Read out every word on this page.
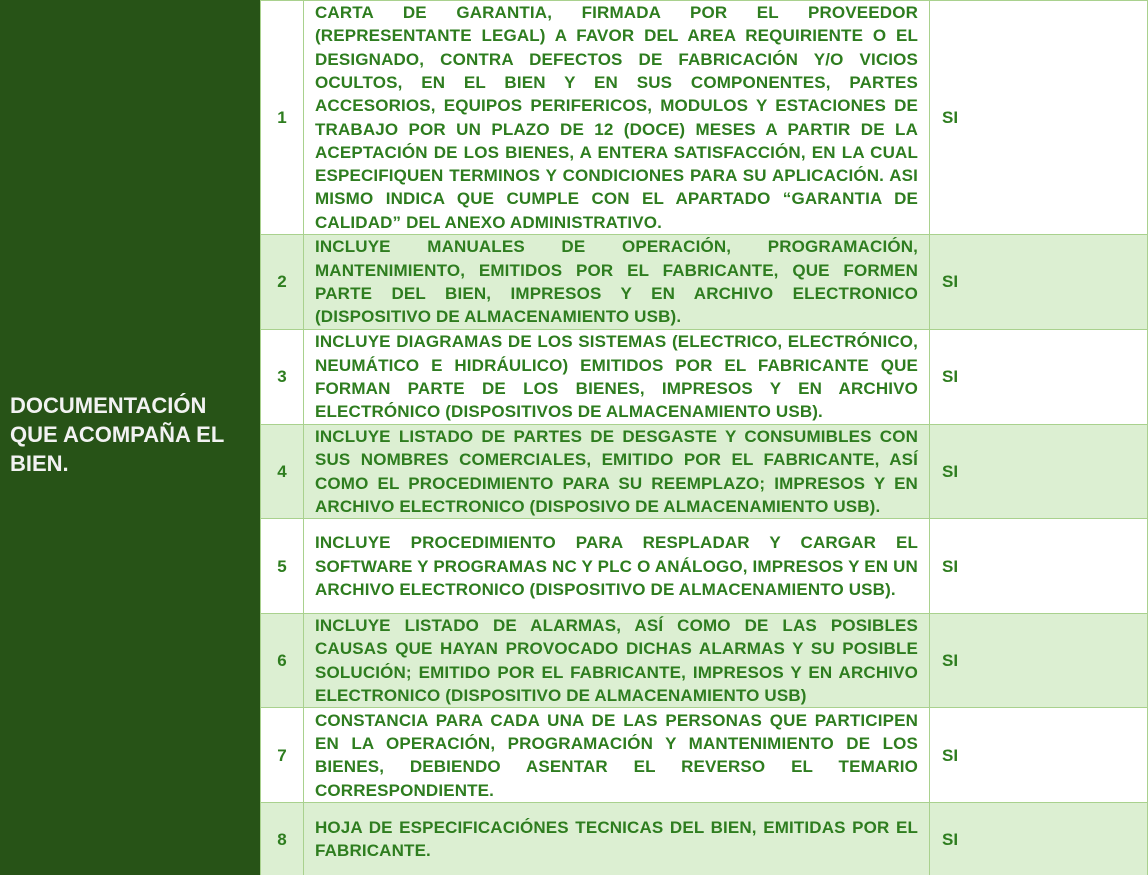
DOCUMENTACIÓN QUE ACOMPAÑA EL BIEN.
1	CARTA DE GARANTIA, FIRMADA POR EL PROVEEDOR (REPRESENTANTE LEGAL) A FAVOR DEL AREA REQUIRIENTE O EL DESIGNADO, CONTRA DEFECTOS DE FABRICACIÓN Y/O VICIOS OCULTOS, EN EL BIEN Y EN SUS COMPONENTES, PARTES ACCESORIOS, EQUIPOS PERIFERICOS, MODULOS Y ESTACIONES DE TRABAJO POR UN PLAZO DE 12 (DOCE) MESES A PARTIR DE LA ACEPTACIÓN DE LOS BIENES, A ENTERA SATISFACCIÓN, EN LA CUAL ESPECIFIQUEN TERMINOS Y CONDICIONES PARA SU APLICACIÓN. ASI MISMO INDICA QUE CUMPLE CON EL APARTADO “GARANTIA DE CALIDAD” DEL ANEXO ADMINISTRATIVO.	SI
2	INCLUYE MANUALES DE OPERACIÓN, PROGRAMACIÓN, MANTENIMIENTO, EMITIDOS POR EL FABRICANTE, QUE FORMEN PARTE DEL BIEN, IMPRESOS Y EN ARCHIVO ELECTRONICO (DISPOSITIVO DE ALMACENAMIENTO USB).	SI
3	INCLUYE DIAGRAMAS DE LOS SISTEMAS (ELECTRICO, ELECTRÓNICO, NEUMÁTICO E HIDRÁULICO) EMITIDOS POR EL FABRICANTE QUE FORMAN PARTE DE LOS BIENES, IMPRESOS Y EN ARCHIVO ELECTRÓNICO (DISPOSITIVOS DE ALMACENAMIENTO USB).	SI
4	INCLUYE LISTADO DE PARTES DE DESGASTE Y CONSUMIBLES CON SUS NOMBRES COMERCIALES, EMITIDO POR EL FABRICANTE, ASÍ COMO EL PROCEDIMIENTO PARA SU REEMPLAZO; IMPRESOS Y EN ARCHIVO ELECTRONICO (DISPOSIVO DE ALMACENAMIENTO USB).	SI
5	INCLUYE PROCEDIMIENTO PARA RESPLADAR Y CARGAR EL SOFTWARE Y PROGRAMAS NC Y PLC O ANÁLOGO, IMPRESOS Y EN UN ARCHIVO ELECTRONICO (DISPOSITIVO DE ALMACENAMIENTO USB).	SI
6	INCLUYE LISTADO DE ALARMAS, ASÍ COMO DE LAS POSIBLES CAUSAS QUE HAYAN PROVOCADO DICHAS ALARMAS Y SU POSIBLE SOLUCIÓN; EMITIDO POR EL FABRICANTE, IMPRESOS Y EN ARCHIVO ELECTRONICO (DISPOSITIVO DE ALMACENAMIENTO USB)	SI
7	CONSTANCIA PARA CADA UNA DE LAS PERSONAS QUE PARTICIPEN EN LA OPERACIÓN, PROGRAMACIÓN Y MANTENIMIENTO DE LOS BIENES, DEBIENDO ASENTAR EL REVERSO EL TEMARIO CORRESPONDIENTE.	SI
8	HOJA DE ESPECIFICACIÓNES TECNICAS DEL BIEN, EMITIDAS POR EL FABRICANTE.	SI
